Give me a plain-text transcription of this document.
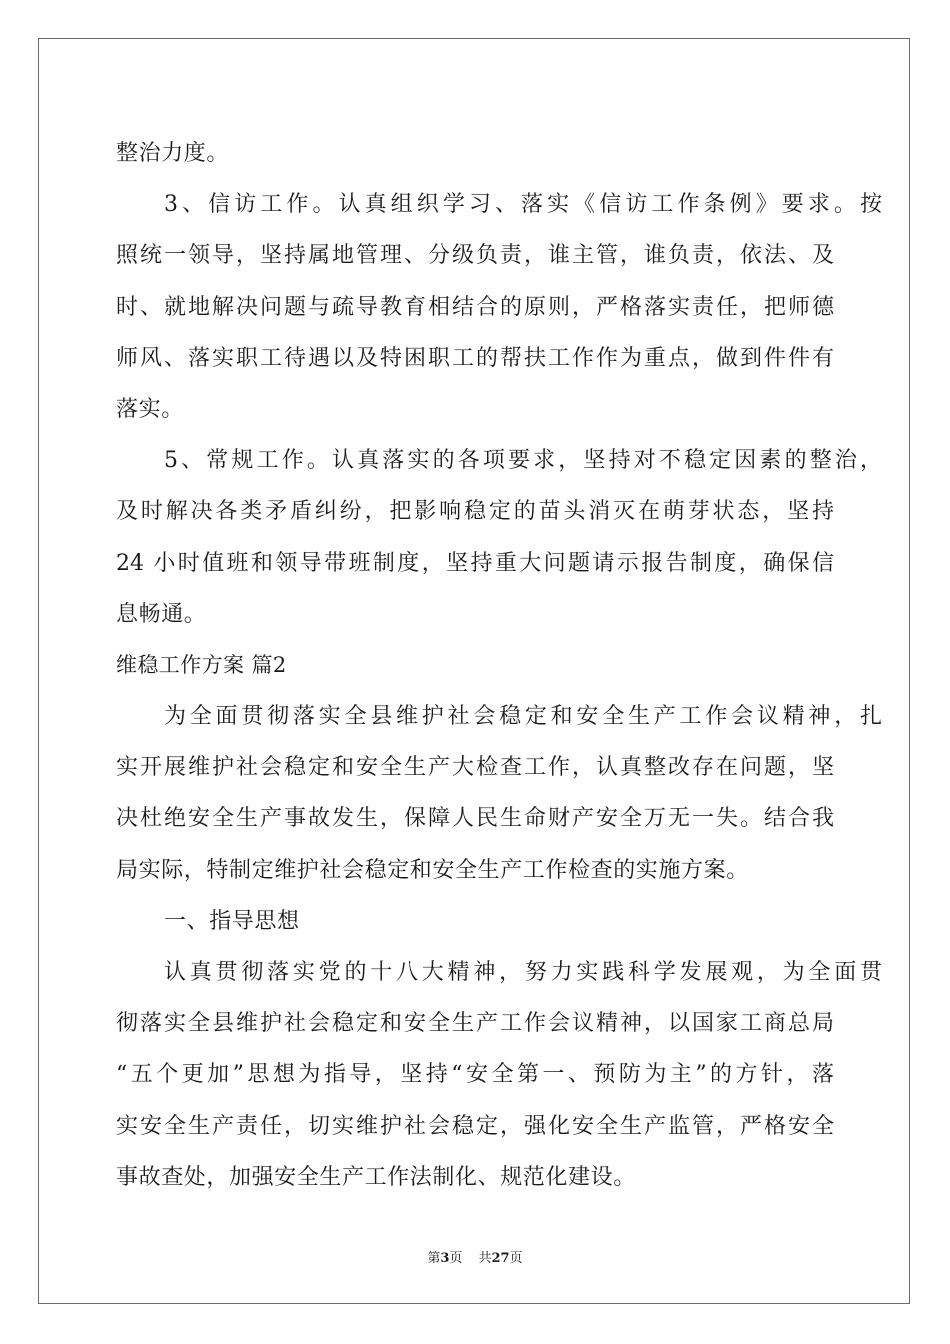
整治力度。
3、信访工作。认真组织学习、落实《信访工作条例》要求。按
照统一领导，坚持属地管理、分级负责，谁主管，谁负责，依法、及
时、就地解决问题与疏导教育相结合的原则，严格落实责任，把师德
师风、落实职工待遇以及特困职工的帮扶工作作为重点，做到件件有
落实。
5、常规工作。认真落实的各项要求，坚持对不稳定因素的整治，
及时解决各类矛盾纠纷，把影响稳定的苗头消灭在萌芽状态，坚持
24 小时值班和领导带班制度，坚持重大问题请示报告制度，确保信
息畅通。
维稳工作方案 篇2
为全面贯彻落实全县维护社会稳定和安全生产工作会议精神，扎
实开展维护社会稳定和安全生产大检查工作，认真整改存在问题，坚
决杜绝安全生产事故发生，保障人民生命财产安全万无一失。结合我
局实际，特制定维护社会稳定和安全生产工作检查的实施方案。
一、指导思想
认真贯彻落实党的十八大精神，努力实践科学发展观，为全面贯
彻落实全县维护社会稳定和安全生产工作会议精神，以国家工商总局
“五个更加”思想为指导，坚持“安全第一、预防为主”的方针，落
实安全生产责任，切实维护社会稳定，强化安全生产监管，严格安全
事故查处，加强安全生产工作法制化、规范化建设。
第3页 共27页
